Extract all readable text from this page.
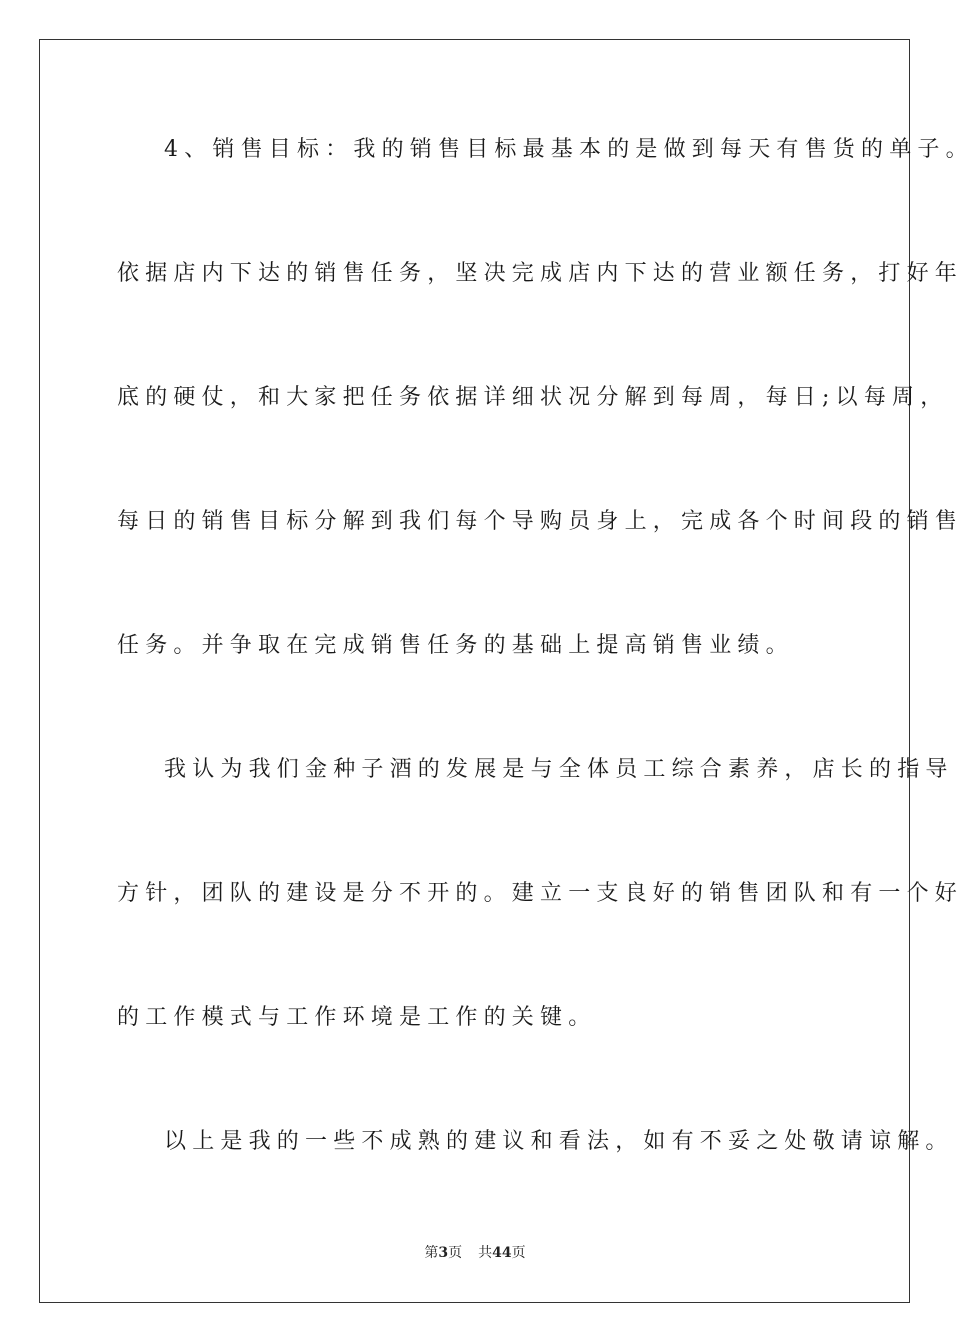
4、销售目标：我的销售目标最基本的是做到每天有售货的单子。
依据店内下达的销售任务，坚决完成店内下达的营业额任务，打好年
底的硬仗，和大家把任务依据详细状况分解到每周，每日;以每周，
每日的销售目标分解到我们每个导购员身上，完成各个时间段的销售
任务。并争取在完成销售任务的基础上提高销售业绩。
我认为我们金种子酒的发展是与全体员工综合素养，店长的指导
方针，团队的建设是分不开的。建立一支良好的销售团队和有一个好
的工作模式与工作环境是工作的关键。
以上是我的一些不成熟的建议和看法，如有不妥之处敬请谅解。
第3页 共44页
